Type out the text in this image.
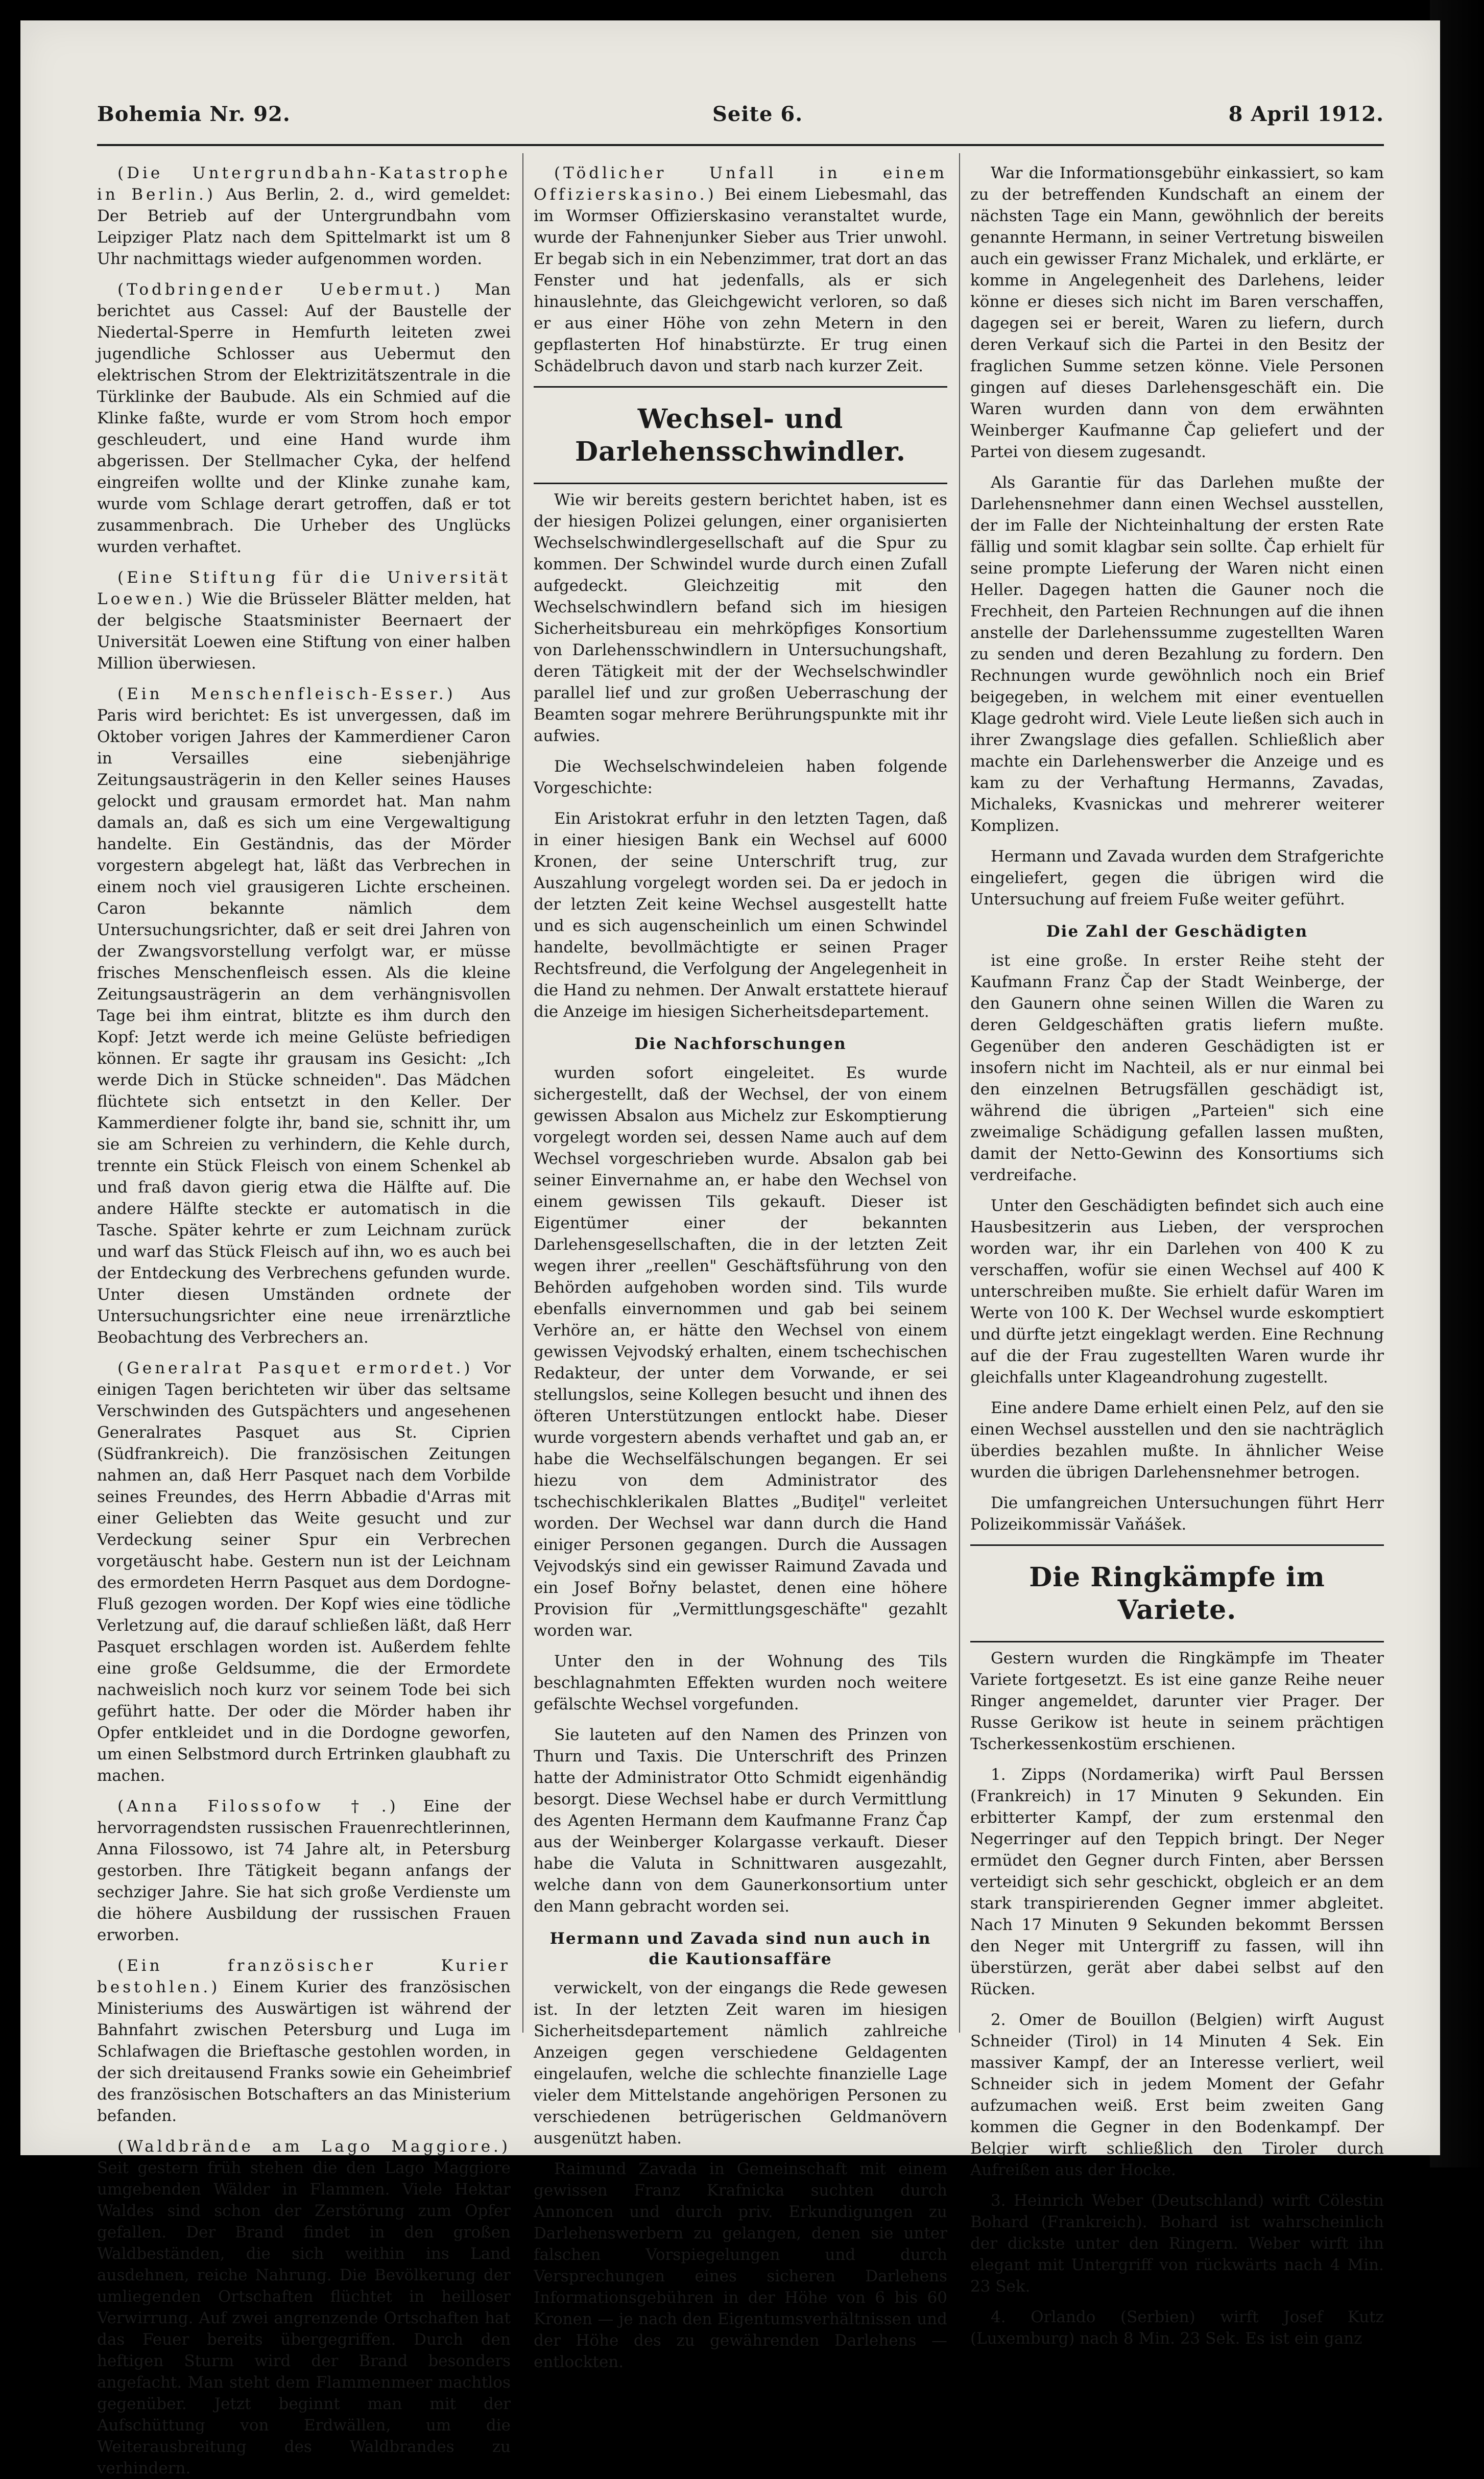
Bohemia Nr. 92.	Seite 6.	8 April 1912.

(Die Untergrundbahn-Katastrophe in Berlin.) Aus Berlin, 2. d., wird gemeldet: Der Betrieb auf der Untergrundbahn vom Leipziger Platz nach dem Spittelmarkt ist um 8 Uhr nachmittags wieder aufgenommen worden.

(Todbringender Uebermut.) Man berichtet aus Cassel: Auf der Baustelle der Niedertal-Sperre in Hemfurth leiteten zwei jugendliche Schlosser aus Uebermut den elektrischen Strom der Elektrizitätszentrale in die Türklinke der Baubude. Als ein Schmied auf die Klinke faßte, wurde er vom Strom hoch empor geschleudert, und eine Hand wurde ihm abgerissen. Der Stellmacher Cyka, der helfend eingreifen wollte und der Klinke zunahe kam, wurde vom Schlage derart getroffen, daß er tot zusammenbrach. Die Urheber des Unglücks wurden verhaftet.

(Eine Stiftung für die Universität Loewen.) Wie die Brüsseler Blätter melden, hat der belgische Staatsminister Beernaert der Universität Loewen eine Stiftung von einer halben Million überwiesen.

(Ein Menschenfleisch-Esser.) Aus Paris wird berichtet: Es ist unvergessen, daß im Oktober vorigen Jahres der Kammerdiener Caron in Versailles eine siebenjährige Zeitungsausträgerin in den Keller seines Hauses gelockt und grausam ermordet hat. Man nahm damals an, daß es sich um eine Vergewaltigung handelte. Ein Geständnis, das der Mörder vorgestern abgelegt hat, läßt das Verbrechen in einem noch viel grausigeren Lichte erscheinen. Caron bekannte nämlich dem Untersuchungsrichter, daß er seit drei Jahren von der Zwangsvorstellung verfolgt war, er müsse frisches Menschenfleisch essen. Als die kleine Zeitungsausträgerin an dem verhängnisvollen Tage bei ihm eintrat, blitzte es ihm durch den Kopf: Jetzt werde ich meine Gelüste befriedigen können. Er sagte ihr grausam ins Gesicht: „Ich werde Dich in Stücke schneiden". Das Mädchen flüchtete sich entsetzt in den Keller. Der Kammerdiener folgte ihr, band sie, schnitt ihr, um sie am Schreien zu verhindern, die Kehle durch, trennte ein Stück Fleisch von einem Schenkel ab und fraß davon gierig etwa die Hälfte auf. Die andere Hälfte steckte er automatisch in die Tasche. Später kehrte er zum Leichnam zurück und warf das Stück Fleisch auf ihn, wo es auch bei der Entdeckung des Verbrechens gefunden wurde. Unter diesen Umständen ordnete der Untersuchungsrichter eine neue irrenärztliche Beobachtung des Verbrechers an.

(Generalrat Pasquet ermordet.) Vor einigen Tagen berichteten wir über das seltsame Verschwinden des Gutspächters und angesehenen Generalrates Pasquet aus St. Ciprien (Südfrankreich). Die französischen Zeitungen nahmen an, daß Herr Pasquet nach dem Vorbilde seines Freundes, des Herrn Abbadie d'Arras mit einer Geliebten das Weite gesucht und zur Verdeckung seiner Spur ein Verbrechen vorgetäuscht habe. Gestern nun ist der Leichnam des ermordeten Herrn Pasquet aus dem Dordogne-Fluß gezogen worden. Der Kopf wies eine tödliche Verletzung auf, die darauf schließen läßt, daß Herr Pasquet erschlagen worden ist. Außerdem fehlte eine große Geldsumme, die der Ermordete nachweislich noch kurz vor seinem Tode bei sich geführt hatte. Der oder die Mörder haben ihr Opfer entkleidet und in die Dordogne geworfen, um einen Selbstmord durch Ertrinken glaubhaft zu machen.

(Anna Filossofow †.) Eine der hervorragendsten russischen Frauenrechtlerinnen, Anna Filossowo, ist 74 Jahre alt, in Petersburg gestorben. Ihre Tätigkeit begann anfangs der sechziger Jahre. Sie hat sich große Verdienste um die höhere Ausbildung der russischen Frauen erworben.

(Ein französischer Kurier bestohlen.) Einem Kurier des französischen Ministeriums des Auswärtigen ist während der Bahnfahrt zwischen Petersburg und Luga im Schlafwagen die Brieftasche gestohlen worden, in der sich dreitausend Franks sowie ein Geheimbrief des französischen Botschafters an das Ministerium befanden.

(Waldbrände am Lago Maggiore.) Seit gestern früh stehen die den Lago Maggiore umgebenden Wälder in Flammen. Viele Hektar Waldes sind schon der Zerstörung zum Opfer gefallen. Der Brand findet in den großen Waldbeständen, die sich weithin ins Land ausdehnen, reiche Nahrung. Die Bevölkerung der umliegenden Ortschaften flüchtet in heilloser Verwirrung. Auf zwei angrenzende Ortschaften hat das Feuer bereits übergegriffen. Durch den heftigen Sturm wird der Brand besonders angefacht. Man steht dem Flammenmeer machtlos gegenüber. Jetzt beginnt man mit der Aufschüttung von Erdwällen, um die Weiterausbreitung des Waldbrandes zu verhindern.

(Tödlicher Unfall in einem Offizierskasino.) Bei einem Liebesmahl, das im Wormser Offizierskasino veranstaltet wurde, wurde der Fahnenjunker Sieber aus Trier unwohl. Er begab sich in ein Nebenzimmer, trat dort an das Fenster und hat jedenfalls, als er sich hinauslehnte, das Gleichgewicht verloren, so daß er aus einer Höhe von zehn Metern in den gepflasterten Hof hinabstürzte. Er trug einen Schädelbruch davon und starb nach kurzer Zeit.

Wechsel- und Darlehensschwindler.

Wie wir bereits gestern berichtet haben, ist es der hiesigen Polizei gelungen, einer organisierten Wechselschwindlergesellschaft auf die Spur zu kommen. Der Schwindel wurde durch einen Zufall aufgedeckt. Gleichzeitig mit den Wechselschwindlern befand sich im hiesigen Sicherheitsbureau ein mehrköpfiges Konsortium von Darlehensschwindlern in Untersuchungshaft, deren Tätigkeit mit der der Wechselschwindler parallel lief und zur großen Ueberraschung der Beamten sogar mehrere Berührungspunkte mit ihr aufwies.

Die Wechselschwindeleien haben folgende Vorgeschichte:

Ein Aristokrat erfuhr in den letzten Tagen, daß in einer hiesigen Bank ein Wechsel auf 6000 Kronen, der seine Unterschrift trug, zur Auszahlung vorgelegt worden sei. Da er jedoch in der letzten Zeit keine Wechsel ausgestellt hatte und es sich augenscheinlich um einen Schwindel handelte, bevollmächtigte er seinen Prager Rechtsfreund, die Verfolgung der Angelegenheit in die Hand zu nehmen. Der Anwalt erstattete hierauf die Anzeige im hiesigen Sicherheitsdepartement.

Die Nachforschungen

wurden sofort eingeleitet. Es wurde sichergestellt, daß der Wechsel, der von einem gewissen Absalon aus Michelz zur Eskomptierung vorgelegt worden sei, dessen Name auch auf dem Wechsel vorgeschrieben wurde. Absalon gab bei seiner Einvernahme an, er habe den Wechsel von einem gewissen Tils gekauft. Dieser ist Eigentümer einer der bekannten Darlehensgesellschaften, die in der letzten Zeit wegen ihrer „reellen" Geschäftsführung von den Behörden aufgehoben worden sind. Tils wurde ebenfalls einvernommen und gab bei seinem Verhöre an, er hätte den Wechsel von einem gewissen Vejvodský erhalten, einem tschechischen Redakteur, der unter dem Vorwande, er sei stellungslos, seine Kollegen besucht und ihnen des öfteren Unterstützungen entlockt habe. Dieser wurde vorgestern abends verhaftet und gab an, er habe die Wechselfälschungen begangen. Er sei hiezu von dem Administrator des tschechischklerikalen Blattes „Budiţel" verleitet worden. Der Wechsel war dann durch die Hand einiger Personen gegangen. Durch die Aussagen Vejvodskýs sind ein gewisser Raimund Zavada und ein Josef Bořny belastet, denen eine höhere Provision für „Vermittlungsgeschäfte" gezahlt worden war.

Unter den in der Wohnung des Tils beschlagnahmten Effekten wurden noch weitere gefälschte Wechsel vorgefunden.

Sie lauteten auf den Namen des Prinzen von Thurn und Taxis. Die Unterschrift des Prinzen hatte der Administrator Otto Schmidt eigenhändig besorgt. Diese Wechsel habe er durch Vermittlung des Agenten Hermann dem Kaufmanne Franz Čap aus der Weinberger Kolargasse verkauft. Dieser habe die Valuta in Schnittwaren ausgezahlt, welche dann von dem Gaunerkonsortium unter den Mann gebracht worden sei.

Hermann und Zavada sind nun auch in die Kautionsaffäre

verwickelt, von der eingangs die Rede gewesen ist. In der letzten Zeit waren im hiesigen Sicherheitsdepartement nämlich zahlreiche Anzeigen gegen verschiedene Geldagenten eingelaufen, welche die schlechte finanzielle Lage vieler dem Mittelstande angehörigen Personen zu verschiedenen betrügerischen Geldmanövern ausgenützt haben.

Raimund Zavada in Gemeinschaft mit einem gewissen Franz Krafnicka suchten durch Annoncen und durch priv. Erkundigungen zu Darlehenswerbern zu gelangen, denen sie unter falschen Vorspiegelungen und durch Versprechungen eines sicheren Darlehens Informationsgebühren in der Höhe von 6 bis 60 Kronen — je nach den Eigentumsverhältnissen und der Höhe des zu gewährenden Darlehens — entlockten.

War die Informationsgebühr einkassiert, so kam zu der betreffenden Kundschaft an einem der nächsten Tage ein Mann, gewöhnlich der bereits genannte Hermann, in seiner Vertretung bisweilen auch ein gewisser Franz Michalek, und erklärte, er komme in Angelegenheit des Darlehens, leider könne er dieses sich nicht im Baren verschaffen, dagegen sei er bereit, Waren zu liefern, durch deren Verkauf sich die Partei in den Besitz der fraglichen Summe setzen könne. Viele Personen gingen auf dieses Darlehensgeschäft ein. Die Waren wurden dann von dem erwähnten Weinberger Kaufmanne Čap geliefert und der Partei von diesem zugesandt.

Als Garantie für das Darlehen mußte der Darlehensnehmer dann einen Wechsel ausstellen, der im Falle der Nichteinhaltung der ersten Rate fällig und somit klagbar sein sollte. Čap erhielt für seine prompte Lieferung der Waren nicht einen Heller. Dagegen hatten die Gauner noch die Frechheit, den Parteien Rechnungen auf die ihnen anstelle der Darlehenssumme zugestellten Waren zu senden und deren Bezahlung zu fordern. Den Rechnungen wurde gewöhnlich noch ein Brief beigegeben, in welchem mit einer eventuellen Klage gedroht wird. Viele Leute ließen sich auch in ihrer Zwangslage dies gefallen. Schließlich aber machte ein Darlehenswerber die Anzeige und es kam zu der Verhaftung Hermanns, Zavadas, Michaleks, Kvasnickas und mehrerer weiterer Komplizen.

Hermann und Zavada wurden dem Strafgerichte eingeliefert, gegen die übrigen wird die Untersuchung auf freiem Fuße weiter geführt.

Die Zahl der Geschädigten

ist eine große. In erster Reihe steht der Kaufmann Franz Čap der Stadt Weinberge, der den Gaunern ohne seinen Willen die Waren zu deren Geldgeschäften gratis liefern mußte. Gegenüber den anderen Geschädigten ist er insofern nicht im Nachteil, als er nur einmal bei den einzelnen Betrugsfällen geschädigt ist, während die übrigen „Parteien" sich eine zweimalige Schädigung gefallen lassen mußten, damit der Netto-Gewinn des Konsortiums sich verdreifache.

Unter den Geschädigten befindet sich auch eine Hausbesitzerin aus Lieben, der versprochen worden war, ihr ein Darlehen von 400 K zu verschaffen, wofür sie einen Wechsel auf 400 K unterschreiben mußte. Sie erhielt dafür Waren im Werte von 100 K. Der Wechsel wurde eskomptiert und dürfte jetzt eingeklagt werden. Eine Rechnung auf die der Frau zugestellten Waren wurde ihr gleichfalls unter Klageandrohung zugestellt.

Eine andere Dame erhielt einen Pelz, auf den sie einen Wechsel ausstellen und den sie nachträglich überdies bezahlen mußte. In ähnlicher Weise wurden die übrigen Darlehensnehmer betrogen.

Die umfangreichen Untersuchungen führt Herr Polizeikommissär Vaňášek.

Die Ringkämpfe im Variete.

Gestern wurden die Ringkämpfe im Theater Variete fortgesetzt. Es ist eine ganze Reihe neuer Ringer angemeldet, darunter vier Prager. Der Russe Gerikow ist heute in seinem prächtigen Tscherkessenkostüm erschienen.

1. Zipps (Nordamerika) wirft Paul Berssen (Frankreich) in 17 Minuten 9 Sekunden. Ein erbitterter Kampf, der zum erstenmal den Negerringer auf den Teppich bringt. Der Neger ermüdet den Gegner durch Finten, aber Berssen verteidigt sich sehr geschickt, obgleich er an dem stark transpirierenden Gegner immer abgleitet. Nach 17 Minuten 9 Sekunden bekommt Berssen den Neger mit Untergriff zu fassen, will ihn überstürzen, gerät aber dabei selbst auf den Rücken.

2. Omer de Bouillon (Belgien) wirft August Schneider (Tirol) in 14 Minuten 4 Sek. Ein massiver Kampf, der an Interesse verliert, weil Schneider sich in jedem Moment der Gefahr aufzumachen weiß. Erst beim zweiten Gang kommen die Gegner in den Bodenkampf. Der Belgier wirft schließlich den Tiroler durch Aufreißen aus der Hocke.

3. Heinrich Weber (Deutschland) wirft Cölestin Bohard (Frankreich). Bohard ist wahrscheinlich der dickste unter den Ringern. Weber wirft ihn elegant mit Untergriff von rückwärts nach 4 Min. 23 Sek.

4. Orlando (Serbien) wirft Josef Kutz (Luxemburg) nach 8 Min. 23 Sek. Es ist ein ganz
